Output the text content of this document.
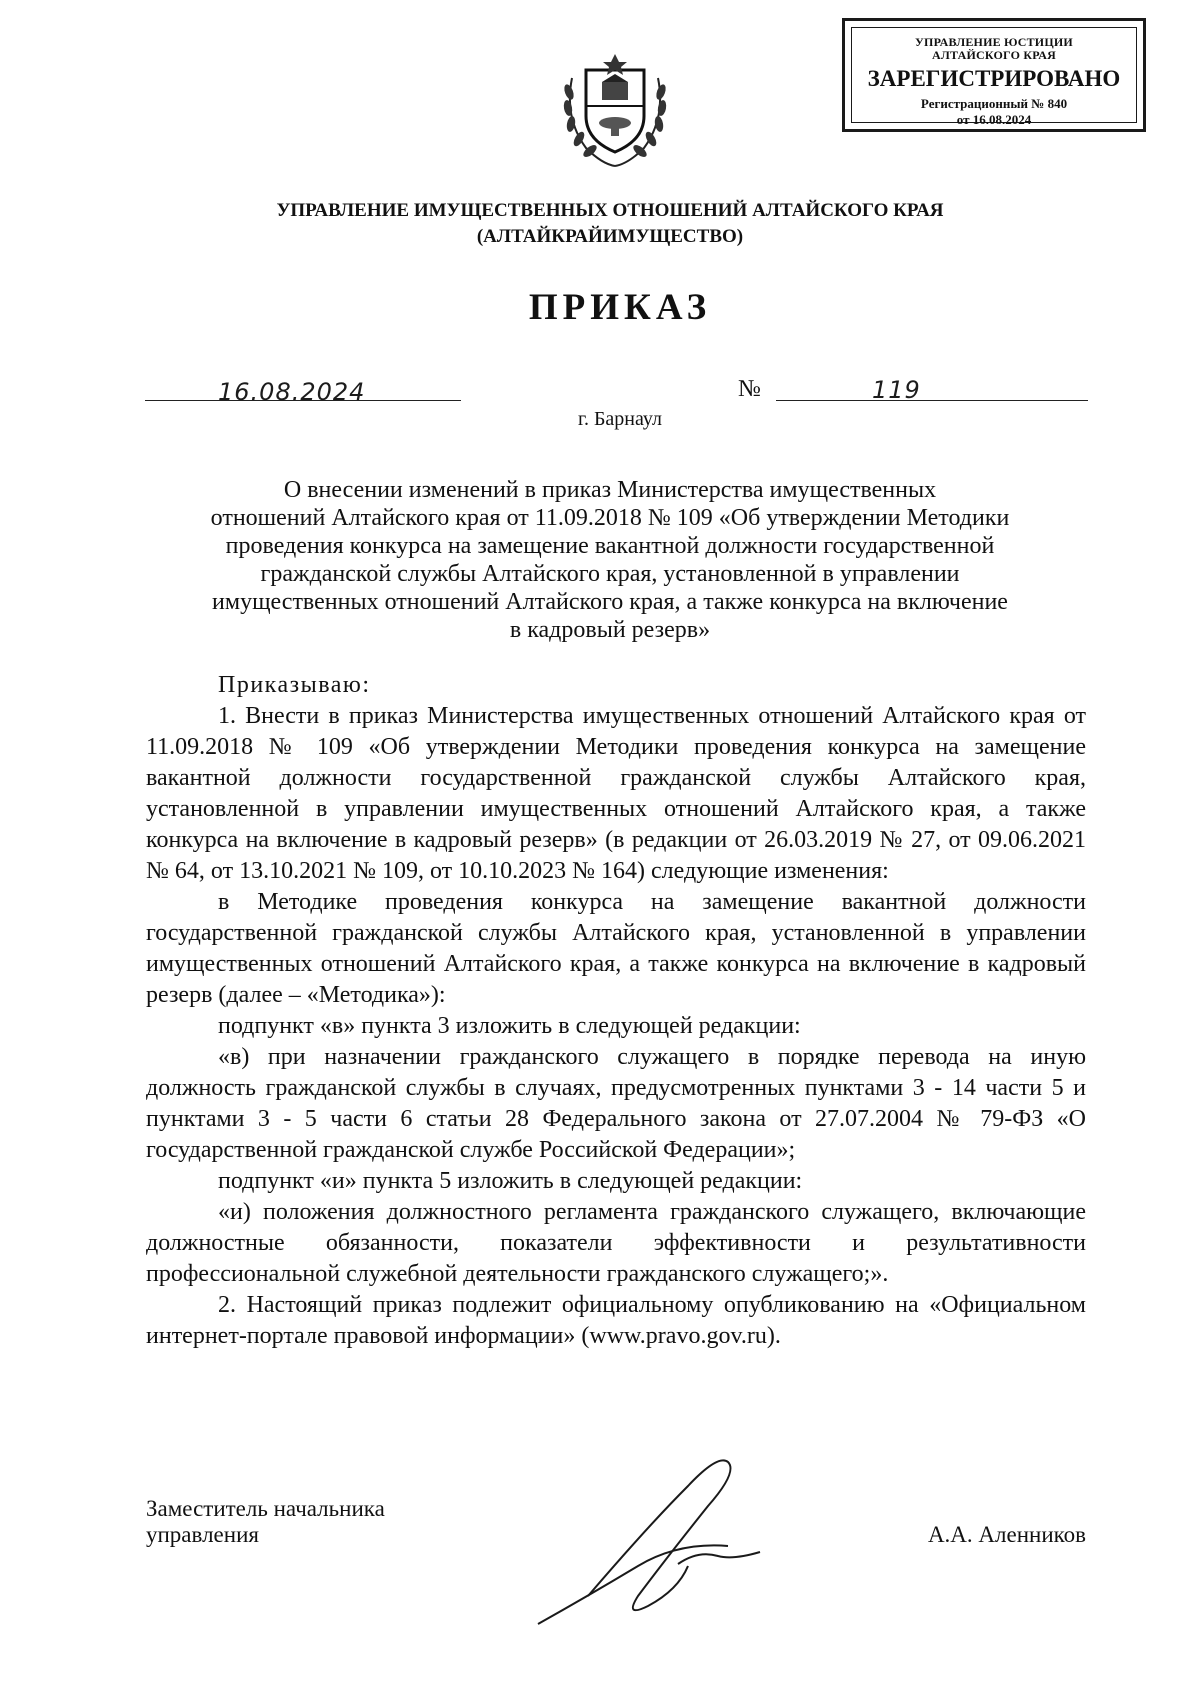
УПРАВЛЕНИЕ ЮСТИЦИИ
АЛТАЙСКОГО КРАЯ
ЗАРЕГИСТРИРОВАНО
Регистрационный № 840
от 16.08.2024
УПРАВЛЕНИЕ ИМУЩЕСТВЕННЫХ ОТНОШЕНИЙ АЛТАЙСКОГО КРАЯ
(АЛТАЙКРАЙИМУЩЕСТВО)
ПРИКАЗ
16.08.2024	№	119
г. Барнаул
О внесении изменений в приказ Министерства имущественных
отношений Алтайского края от 11.09.2018 № 109 «Об утверждении Методики
проведения конкурса на замещение вакантной должности государственной
гражданской службы Алтайского края, установленной в управлении
имущественных отношений Алтайского края, а также конкурса на включение
в кадровый резерв»

Приказываю:

1. Внести в приказ Министерства имущественных отношений Алтайского края от 11.09.2018 № 109 «Об утверждении Методики проведения конкурса на замещение вакантной должности государственной гражданской службы Алтайского края, установленной в управлении имущественных отношений Алтайского края, а также конкурса на включение в кадровый резерв» (в редакции от 26.03.2019 № 27, от 09.06.2021 № 64, от 13.10.2021 № 109, от 10.10.2023 № 164) следующие изменения:

в Методике проведения конкурса на замещение вакантной должности государственной гражданской службы Алтайского края, установленной в управлении имущественных отношений Алтайского края, а также конкурса на включение в кадровый резерв (далее – «Методика»):

подпункт «в» пункта 3 изложить в следующей редакции:

«в) при назначении гражданского служащего в порядке перевода на иную должность гражданской службы в случаях, предусмотренных пунктами 3 - 14 части 5 и пунктами 3 - 5 части 6 статьи 28 Федерального закона от 27.07.2004 № 79-ФЗ «О государственной гражданской службе Российской Федерации»;

подпункт «и» пункта 5 изложить в следующей редакции:

«и) положения должностного регламента гражданского служащего, включающие должностные обязанности, показатели эффективности и результативности профессиональной служебной деятельности гражданского служащего;».

2. Настоящий приказ подлежит официальному опубликованию на «Официальном интернет-портале правовой информации» (www.pravo.gov.ru).

Заместитель начальника
управления	А.А. Аленников
